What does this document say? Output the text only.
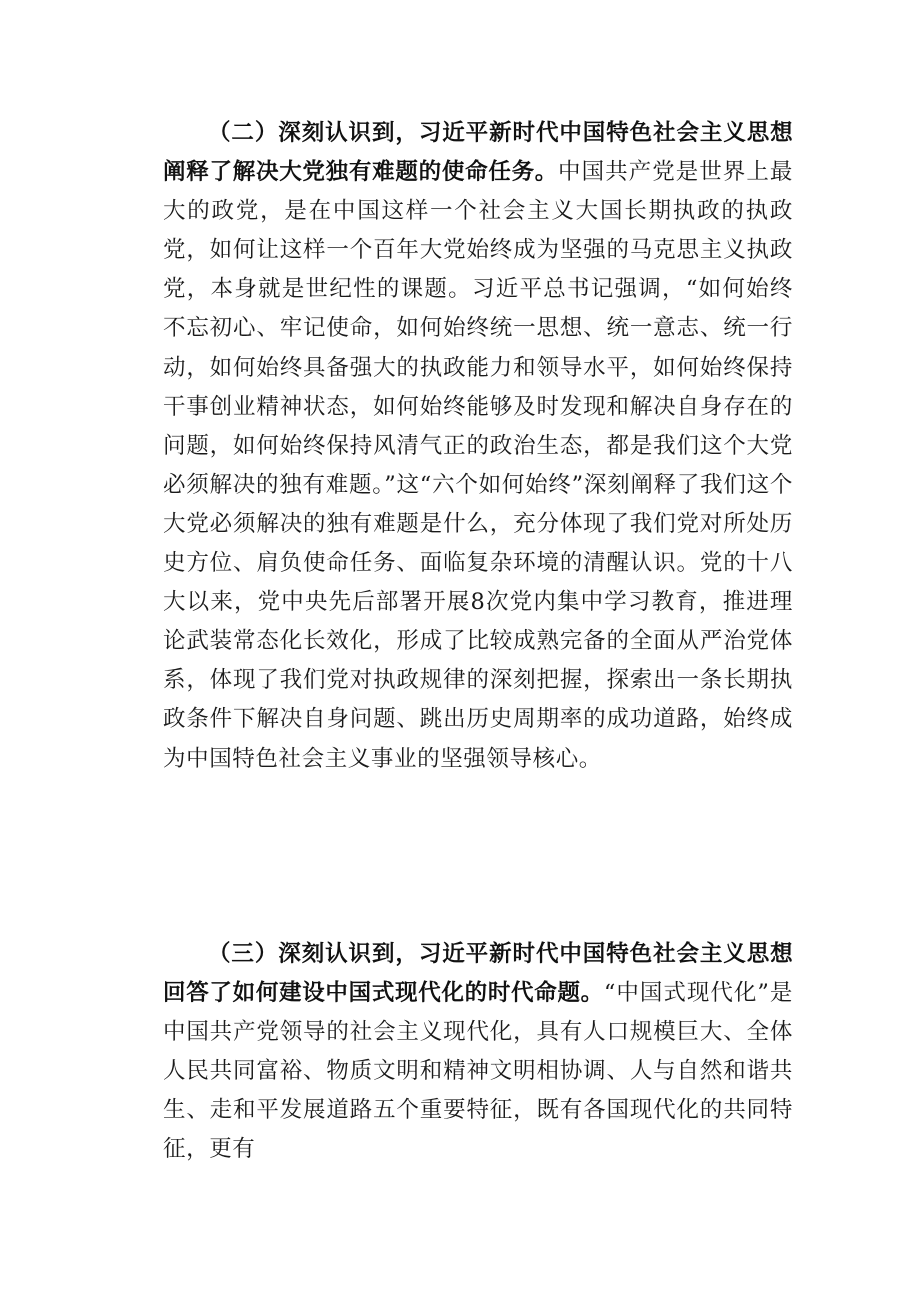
（二）深刻认识到，习近平新时代中国特色社会主义思想阐释了解决大党独有难题的使命任务。中国共产党是世界上最大的政党，是在中国这样一个社会主义大国长期执政的执政党，如何让这样一个百年大党始终成为坚强的马克思主义执政党，本身就是世纪性的课题。习近平总书记强调，“如何始终不忘初心、牢记使命，如何始终统一思想、统一意志、统一行动，如何始终具备强大的执政能力和领导水平，如何始终保持干事创业精神状态，如何始终能够及时发现和解决自身存在的问题，如何始终保持风清气正的政治生态，都是我们这个大党必须解决的独有难题。”这“六个如何始终”深刻阐释了我们这个大党必须解决的独有难题是什么，充分体现了我们党对所处历史方位、肩负使命任务、面临复杂环境的清醒认识。党的十八大以来，党中央先后部署开展8次党内集中学习教育，推进理论武装常态化长效化，形成了比较成熟完备的全面从严治党体系，体现了我们党对执政规律的深刻把握，探索出一条长期执政条件下解决自身问题、跳出历史周期率的成功道路，始终成为中国特色社会主义事业的坚强领导核心。

（三）深刻认识到，习近平新时代中国特色社会主义思想回答了如何建设中国式现代化的时代命题。“中国式现代化”是中国共产党领导的社会主义现代化，具有人口规模巨大、全体人民共同富裕、物质文明和精神文明相协调、人与自然和谐共生、走和平发展道路五个重要特征，既有各国现代化的共同特征，更有
